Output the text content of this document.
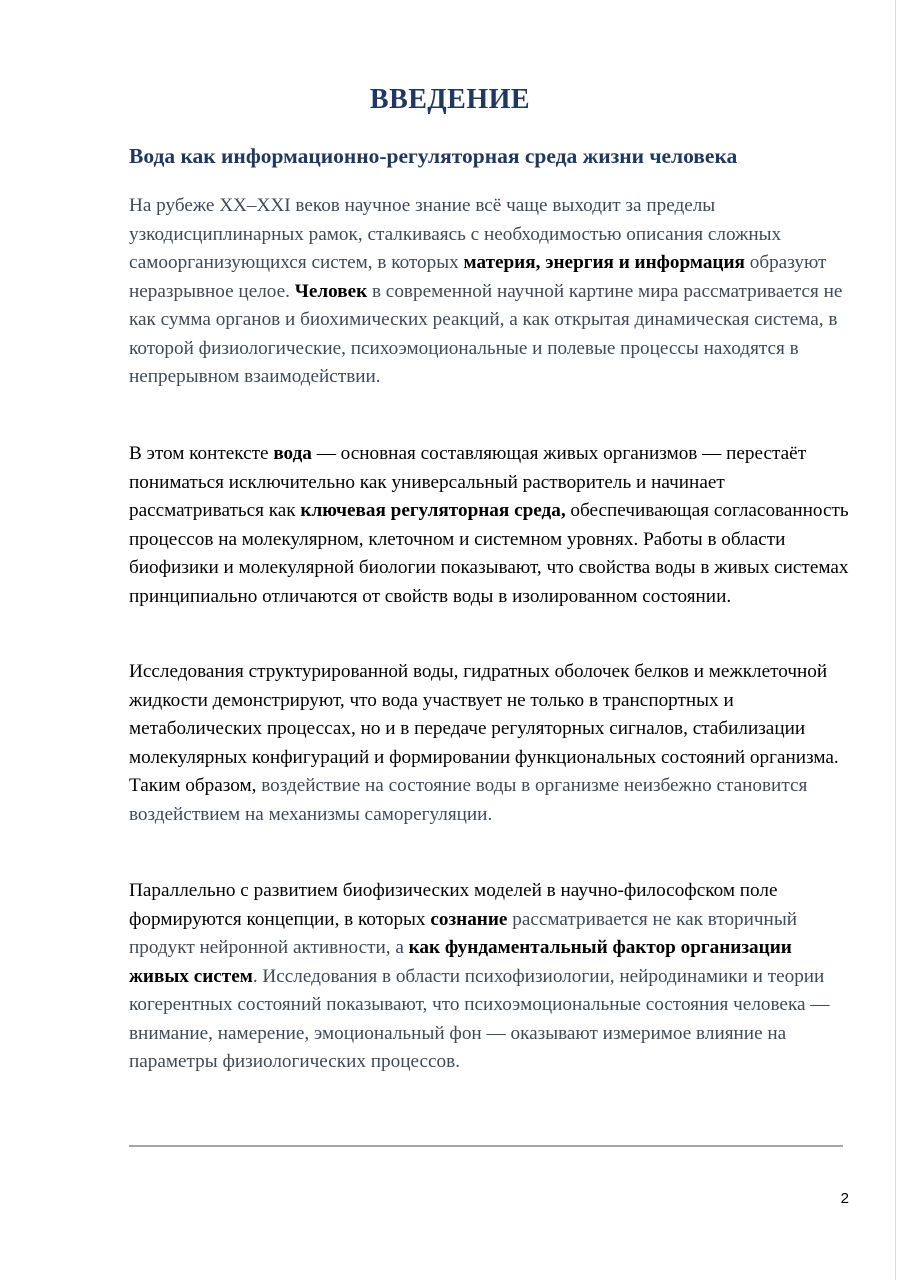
ВВЕДЕНИЕ
Вода как информационно-регуляторная среда жизни человека

На рубеже XX–XXI веков научное знание всё чаще выходит за пределы узкодисциплинарных рамок, сталкиваясь с необходимостью описания сложных самоорганизующихся систем, в которых материя, энергия и информация образуют неразрывное целое. Человек в современной научной картине мира рассматривается не как сумма органов и биохимических реакций, а как открытая динамическая система, в которой физиологические, психоэмоциональные и полевые процессы находятся в непрерывном взаимодействии.

В этом контексте вода — основная составляющая живых организмов — перестаёт пониматься исключительно как универсальный растворитель и начинает рассматриваться как ключевая регуляторная среда, обеспечивающая согласованность процессов на молекулярном, клеточном и системном уровнях. Работы в области биофизики и молекулярной биологии показывают, что свойства воды в живых системах принципиально отличаются от свойств воды в изолированном состоянии.

Исследования структурированной воды, гидратных оболочек белков и межклеточной жидкости демонстрируют, что вода участвует не только в транспортных и метаболических процессах, но и в передаче регуляторных сигналов, стабилизации молекулярных конфигураций и формировании функциональных состояний организма. Таким образом, воздействие на состояние воды в организме неизбежно становится воздействием на механизмы саморегуляции.

Параллельно с развитием биофизических моделей в научно-философском поле формируются концепции, в которых сознание рассматривается не как вторичный продукт нейронной активности, а как фундаментальный фактор организации живых систем. Исследования в области психофизиологии, нейродинамики и теории когерентных состояний показывают, что психоэмоциональные состояния человека — внимание, намерение, эмоциональный фон — оказывают измеримое влияние на параметры физиологических процессов.

2
